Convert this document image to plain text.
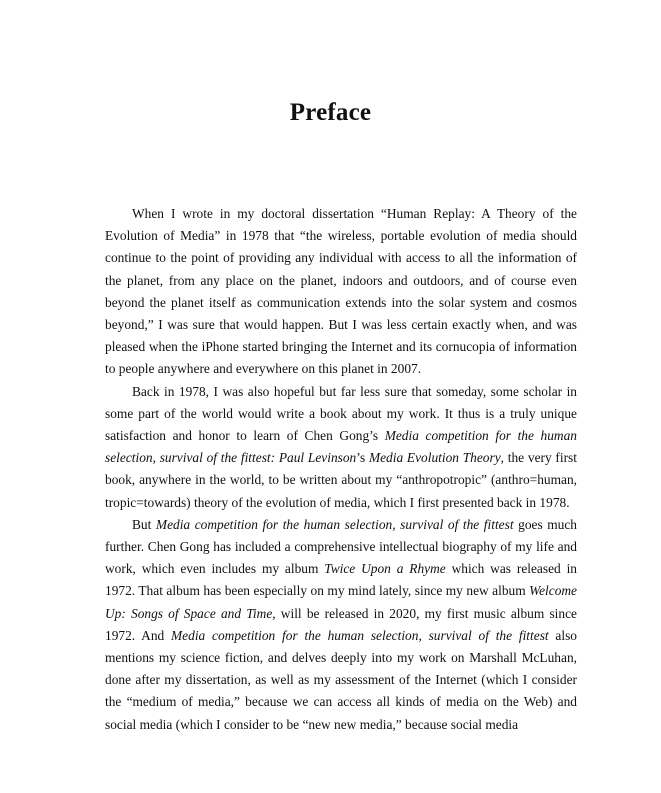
Preface

When I wrote in my doctoral dissertation “Human Replay: A Theory of the Evolution of Media” in 1978 that “the wireless, portable evolution of media should continue to the point of providing any individual with access to all the information of the planet, from any place on the planet, indoors and outdoors, and of course even beyond the planet itself as communication extends into the solar system and cosmos beyond,” I was sure that would happen. But I was less certain exactly when, and was pleased when the iPhone started bringing the Internet and its cornucopia of information to people anywhere and everywhere on this planet in 2007.

Back in 1978, I was also hopeful but far less sure that someday, some scholar in some part of the world would write a book about my work. It thus is a truly unique satisfaction and honor to learn of Chen Gong’s Media competition for the human selection, survival of the fittest: Paul Levinson’s Media Evolution Theory, the very first book, anywhere in the world, to be written about my “anthropotropic” (anthro=human, tropic=towards) theory of the evolution of media, which I first presented back in 1978.

But Media competition for the human selection, survival of the fittest goes much further. Chen Gong has included a comprehensive intellectual biography of my life and work, which even includes my album Twice Upon a Rhyme which was released in 1972. That album has been especially on my mind lately, since my new album Welcome Up: Songs of Space and Time, will be released in 2020, my first music album since 1972. And Media competition for the human selection, survival of the fittest also mentions my science fiction, and delves deeply into my work on Marshall McLuhan, done after my dissertation, as well as my assessment of the Internet (which I consider the “medium of media,” because we can access all kinds of media on the Web) and social media (which I consider to be “new new media,” because social media
